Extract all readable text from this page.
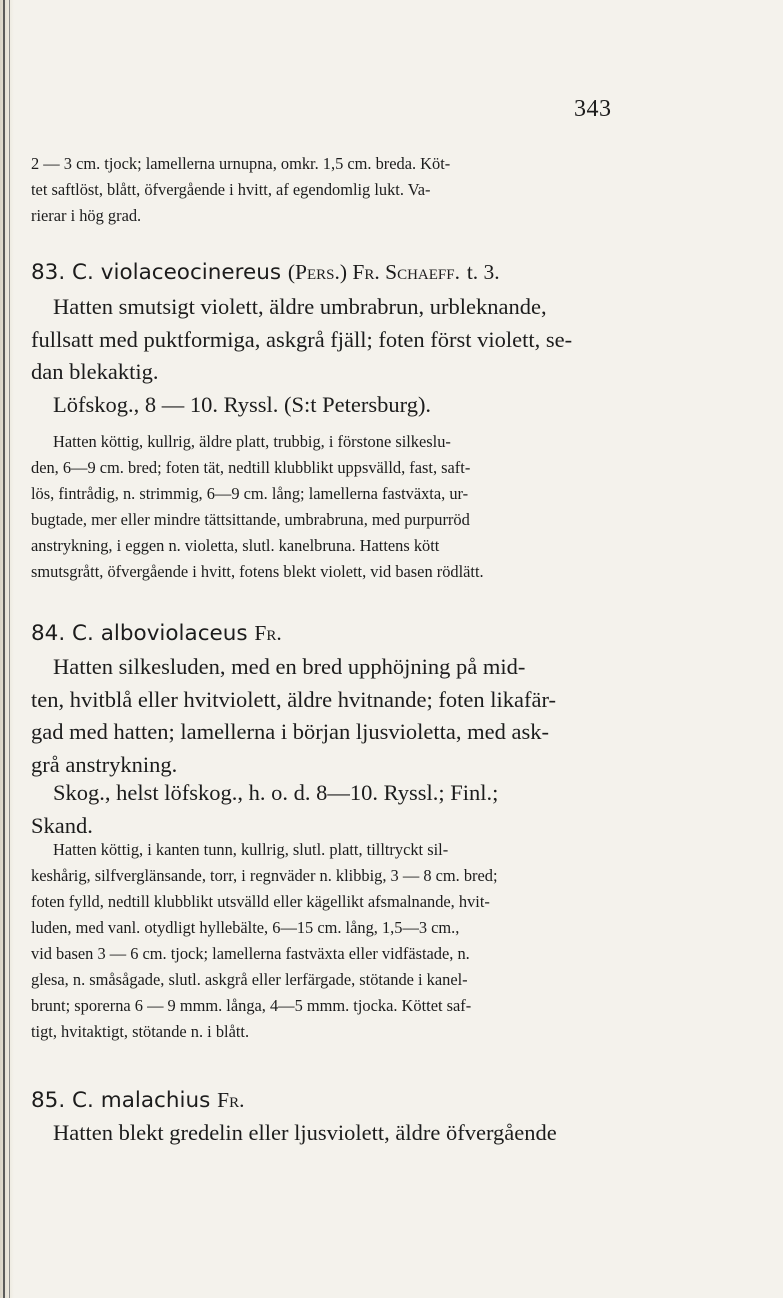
343
2 — 3 cm. tjock; lamellerna urnupna, omkr. 1,5 cm. breda. Köt-
tet saftlöst, blått, öfvergående i hvitt, af egendomlig lukt. Va-
rierar i hög grad.
83. C. violaceocinereus (Pers.) Fr. Schaeff. t. 3.
Hatten smutsigt violett, äldre umbrabrun, urbleknande,
fullsatt med puktformiga, askgrå fjäll; foten först violett, se-
dan blekaktig.
Löfskog., 8 — 10. Ryssl. (S:t Petersburg).
Hatten köttig, kullrig, äldre platt, trubbig, i förstone silkeslu-
den, 6—9 cm. bred; foten tät, nedtill klubblikt uppsvälld, fast, saft-
lös, fintrådig, n. strimmig, 6—9 cm. lång; lamellerna fastväxta, ur-
bugtade, mer eller mindre tättsittande, umbrabruna, med purpurröd
anstrykning, i eggen n. violetta, slutl. kanelbruna. Hattens kött
smutsgrått, öfvergående i hvitt, fotens blekt violett, vid basen rödlätt.
84. C. alboviolaceus Fr.
Hatten silkesluden, med en bred upphöjning på mid-
ten, hvitblå eller hvitviolett, äldre hvitnande; foten likafär-
gad med hatten; lamellerna i början ljusvioletta, med ask-
grå anstrykning.
Skog., helst löfskog., h. o. d. 8—10. Ryssl.; Finl.;
Skand.
Hatten köttig, i kanten tunn, kullrig, slutl. platt, tilltryckt sil-
keshårig, silfverglänsande, torr, i regnväder n. klibbig, 3 — 8 cm. bred;
foten fylld, nedtill klubblikt utsvälld eller kägellikt afsmalnande, hvit-
luden, med vanl. otydligt hyllebälte, 6—15 cm. lång, 1,5—3 cm.,
vid basen 3 — 6 cm. tjock; lamellerna fastväxta eller vidfästade, n.
glesa, n. småsågade, slutl. askgrå eller lerfärgade, stötande i kanel-
brunt; sporerna 6 — 9 mmm. långa, 4—5 mmm. tjocka. Köttet saf-
tigt, hvitaktigt, stötande n. i blått.
85. C. malachius Fr.
Hatten blekt gredelin eller ljusviolett, äldre öfvergående
